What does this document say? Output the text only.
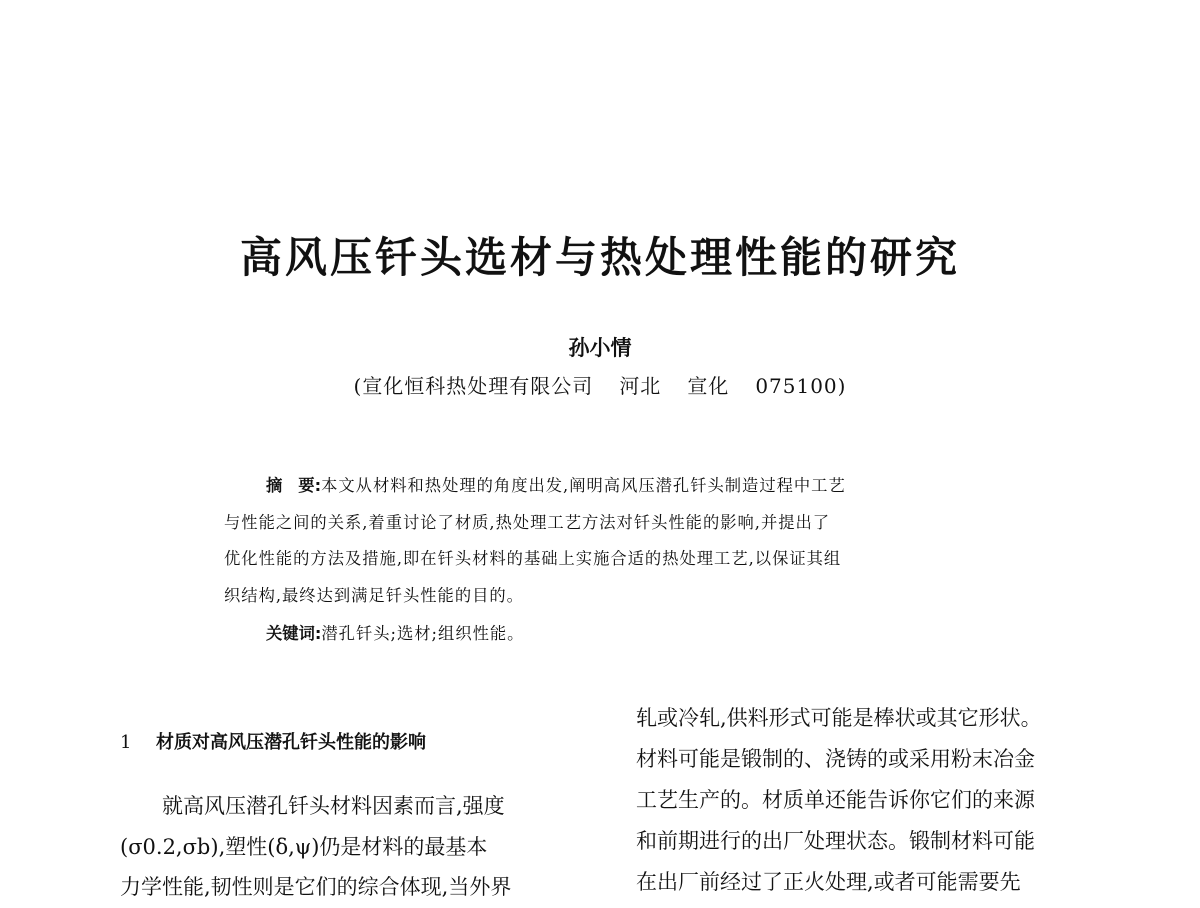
高风压钎头选材与热处理性能的研究
孙小情
(宣化恒科热处理有限公司 河北 宣化 075100)

摘 要:本文从材料和热处理的角度出发,阐明高风压潜孔钎头制造过程中工艺
与性能之间的关系,着重讨论了材质,热处理工艺方法对钎头性能的影响,并提出了
优化性能的方法及措施,即在钎头材料的基础上实施合适的热处理工艺,以保证其组
织结构,最终达到满足钎头性能的目的。

关键词:潜孔钎头;选材;组织性能。
1 材质对高风压潜孔钎头性能的影响
就高风压潜孔钎头材料因素而言,强度
(σ0.2,σb),塑性(δ,ψ)仍是材料的最基本
力学性能,韧性则是它们的综合体现,当外界
轧或冷轧,供料形式可能是棒状或其它形状。
材料可能是锻制的、浇铸的或采用粉末冶金
工艺生产的。材质单还能告诉你它们的来源
和前期进行的出厂处理状态。锻制材料可能
在出厂前经过了正火处理,或者可能需要先
